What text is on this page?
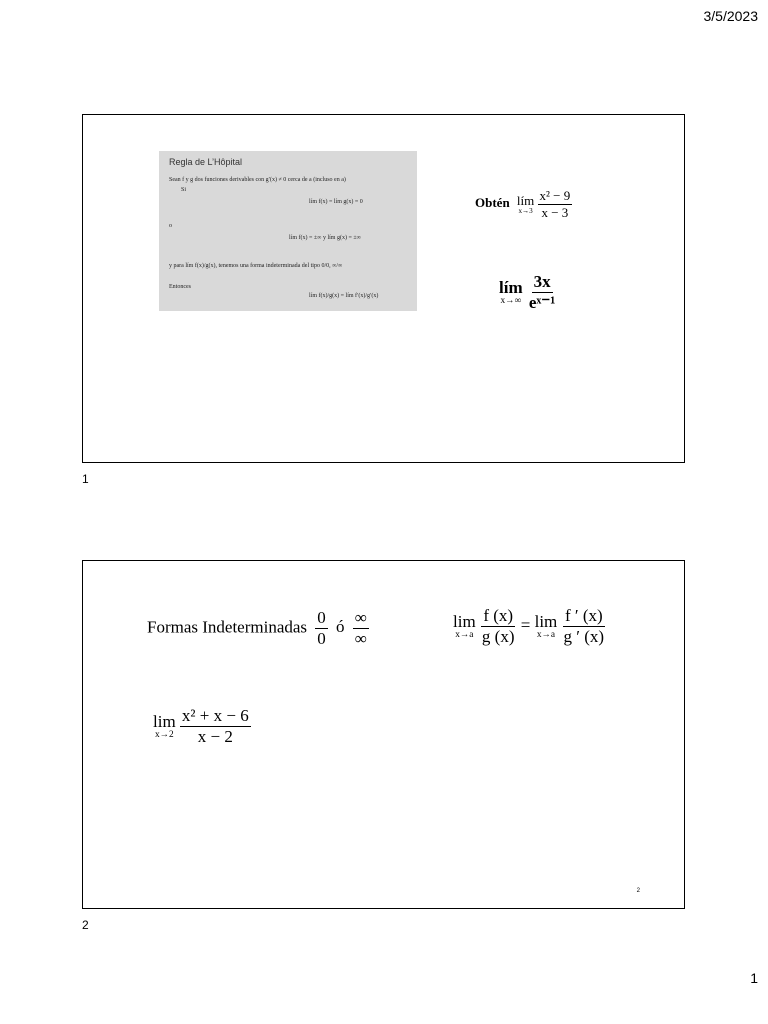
3/5/2023
Regla de L’Hôpital
Sean f y g dos funciones derivables con g′(x) ≠ 0 cerca de a (incluso en a)
Si
lím f(x) = lím g(x) = 0
o
lím f(x) = ±∞ y lím g(x) = ±∞
y para lím f(x)/g(x), tenemos una forma indeterminada del tipo 0/0, ∞/∞
Entonces
lím f(x)/g(x) = lím f′(x)/g′(x)
Obtén lím
x→3
$\frac{\text{x² − 9}}{x - 3}$
lím
x→∞
$\frac{3x}{\text{eˣ⁻¹}}$
1
Formas Indeterminadas $\frac{0}{0}$ ó $\frac{\infty}{\infty}$	lim
x→a
$\frac{f (x)}{g (x)} = \lim$
x→a
$\frac{f ' (x)}{g ' (x)}$
lim
x→2
$\frac{\text{x² + x − 6}}{x - 2}$
2
2
1
